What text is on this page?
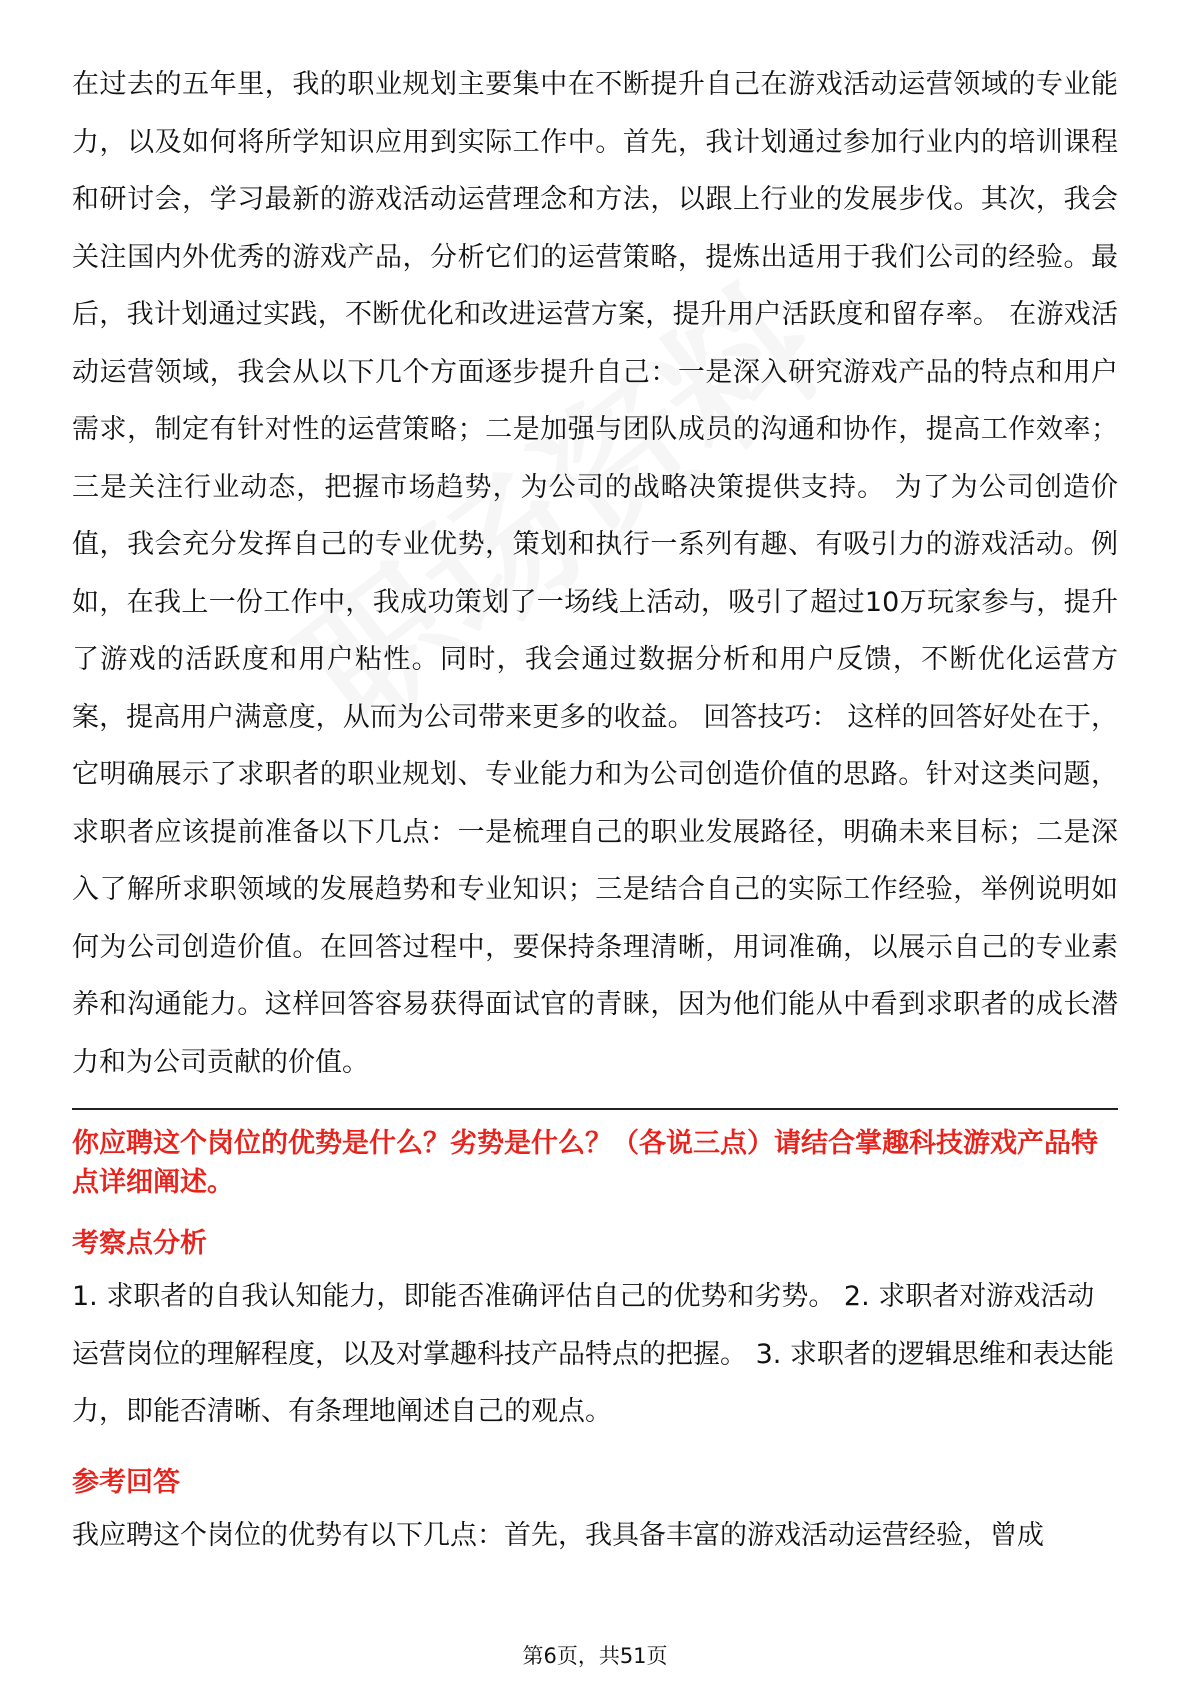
在过去的五年里，我的职业规划主要集中在不断提升自己在游戏活动运营领域的专业能力，以及如何将所学知识应用到实际工作中。首先，我计划通过参加行业内的培训课程和研讨会，学习最新的游戏活动运营理念和方法，以跟上行业的发展步伐。其次，我会关注国内外优秀的游戏产品，分析它们的运营策略，提炼出适用于我们公司的经验。最后，我计划通过实践，不断优化和改进运营方案，提升用户活跃度和留存率。 在游戏活动运营领域，我会从以下几个方面逐步提升自己：一是深入研究游戏产品的特点和用户需求，制定有针对性的运营策略；二是加强与团队成员的沟通和协作，提高工作效率；三是关注行业动态，把握市场趋势，为公司的战略决策提供支持。 为了为公司创造价值，我会充分发挥自己的专业优势，策划和执行一系列有趣、有吸引力的游戏活动。例如，在我上一份工作中，我成功策划了一场线上活动，吸引了超过10万玩家参与，提升了游戏的活跃度和用户粘性。同时，我会通过数据分析和用户反馈，不断优化运营方案，提高用户满意度，从而为公司带来更多的收益。 回答技巧： 这样的回答好处在于，它明确展示了求职者的职业规划、专业能力和为公司创造价值的思路。针对这类问题，求职者应该提前准备以下几点：一是梳理自己的职业发展路径，明确未来目标；二是深入了解所求职领域的发展趋势和专业知识；三是结合自己的实际工作经验，举例说明如何为公司创造价值。在回答过程中，要保持条理清晰，用词准确，以展示自己的专业素养和沟通能力。这样回答容易获得面试官的青睐，因为他们能从中看到求职者的成长潜力和为公司贡献的价值。

你应聘这个岗位的优势是什么？劣势是什么？（各说三点）请结合掌趣科技游戏产品特点详细阐述。

考察点分析

1. 求职者的自我认知能力，即能否准确评估自己的优势和劣势。 2. 求职者对游戏活动运营岗位的理解程度，以及对掌趣科技产品特点的把握。 3. 求职者的逻辑思维和表达能力，即能否清晰、有条理地阐述自己的观点。

参考回答

我应聘这个岗位的优势有以下几点：首先，我具备丰富的游戏活动运营经验，曾成

第6页，共51页
